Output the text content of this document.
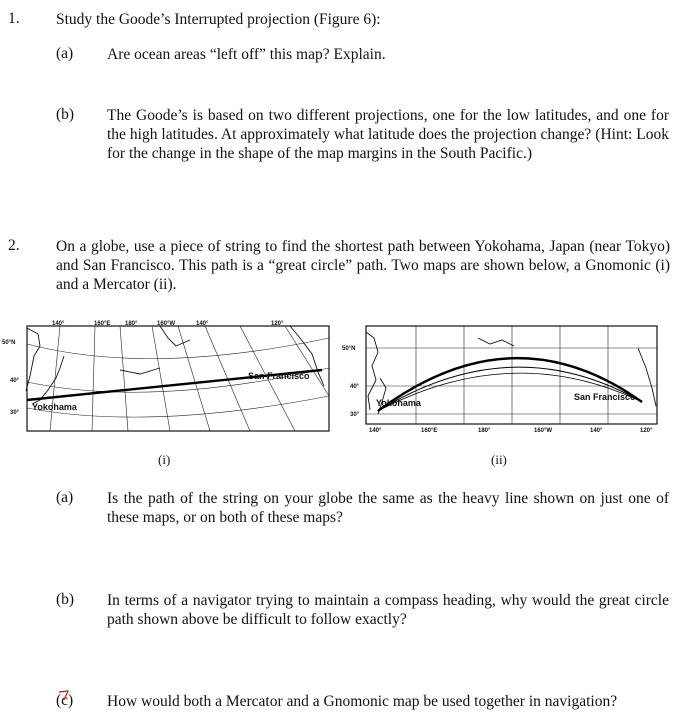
1. Study the Goode’s Interrupted projection (Figure 6):
(a) Are ocean areas “left off” this map? Explain.
(b) The Goode’s is based on two different projections, one for the low latitudes, and one for the high latitudes. At approximately what latitude does the projection change? (Hint: Look for the change in the shape of the map margins in the South Pacific.)
2. On a globe, use a piece of string to find the shortest path between Yokohama, Japan (near Tokyo) and San Francisco. This path is a “great circle” path. Two maps are shown below, a Gnomonic (i) and a Mercator (ii).
140°	160°E 180°	160°W	140°	120°
50°N
40°
30°
Yokohama
San Francisco
(i)
50°N
40°
30°
140°	160°E	180°	160°W	140°	120°
Yokohama
San Francisco
(ii)
(a) Is the path of the string on your globe the same as the heavy line shown on just one of these maps, or on both of these maps?
(b) In terms of a navigator trying to maintain a compass heading, why would the great circle path shown above be difficult to follow exactly?
(c) How would both a Mercator and a Gnomonic map be used together in navigation?
